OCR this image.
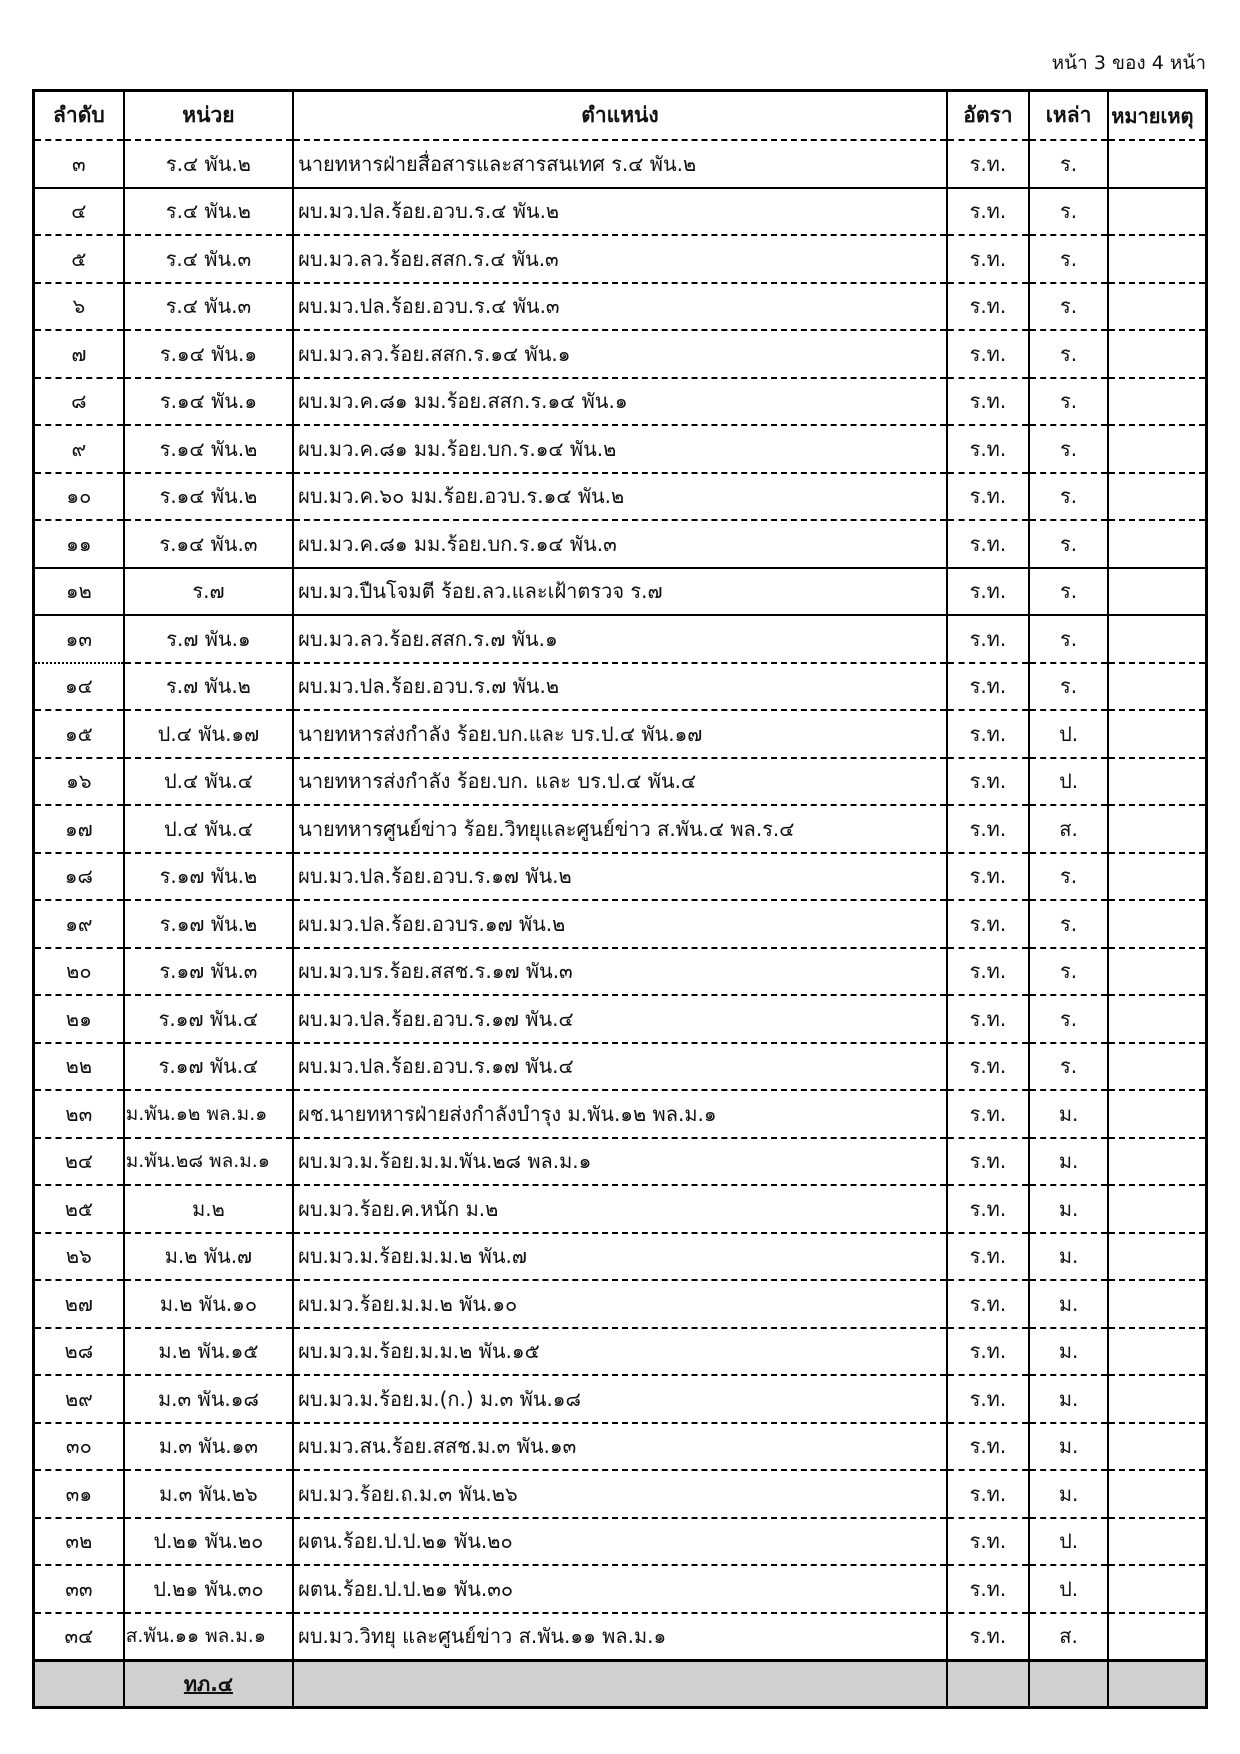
หน้า 3 ของ 4 หน้า
ลำดับ	หน่วย	ตำแหน่ง	อัตรา	เหล่า	หมายเหตุ
๓	ร.๔ พัน.๒	นายทหารฝ่ายสื่อสารและสารสนเทศ ร.๔ พัน.๒	ร.ท.	ร.	
๔	ร.๔ พัน.๒	ผบ.มว.ปล.ร้อย.อวบ.ร.๔ พัน.๒	ร.ท.	ร.	
๕	ร.๔ พัน.๓	ผบ.มว.ลว.ร้อย.สสก.ร.๔ พัน.๓	ร.ท.	ร.	
๖	ร.๔ พัน.๓	ผบ.มว.ปล.ร้อย.อวบ.ร.๔ พัน.๓	ร.ท.	ร.	
๗	ร.๑๔ พัน.๑	ผบ.มว.ลว.ร้อย.สสก.ร.๑๔ พัน.๑	ร.ท.	ร.	
๘	ร.๑๔ พัน.๑	ผบ.มว.ค.๘๑ มม.ร้อย.สสก.ร.๑๔ พัน.๑	ร.ท.	ร.	
๙	ร.๑๔ พัน.๒	ผบ.มว.ค.๘๑ มม.ร้อย.บก.ร.๑๔ พัน.๒	ร.ท.	ร.	
๑๐	ร.๑๔ พัน.๒	ผบ.มว.ค.๖๐ มม.ร้อย.อวบ.ร.๑๔ พัน.๒	ร.ท.	ร.	
๑๑	ร.๑๔ พัน.๓	ผบ.มว.ค.๘๑ มม.ร้อย.บก.ร.๑๔ พัน.๓	ร.ท.	ร.	
๑๒	ร.๗	ผบ.มว.ปืนโจมตี ร้อย.ลว.และเฝ้าตรวจ ร.๗	ร.ท.	ร.	
๑๓	ร.๗ พัน.๑	ผบ.มว.ลว.ร้อย.สสก.ร.๗ พัน.๑	ร.ท.	ร.	
๑๔	ร.๗ พัน.๒	ผบ.มว.ปล.ร้อย.อวบ.ร.๗ พัน.๒	ร.ท.	ร.	
๑๕	ป.๔ พัน.๑๗	นายทหารส่งกำลัง ร้อย.บก.และ บร.ป.๔ พัน.๑๗	ร.ท.	ป.	
๑๖	ป.๔ พัน.๔	นายทหารส่งกำลัง ร้อย.บก. และ บร.ป.๔ พัน.๔	ร.ท.	ป.	
๑๗	ป.๔ พัน.๔	นายทหารศูนย์ข่าว ร้อย.วิทยุและศูนย์ข่าว ส.พัน.๔ พล.ร.๔	ร.ท.	ส.	
๑๘	ร.๑๗ พัน.๒	ผบ.มว.ปล.ร้อย.อวบ.ร.๑๗ พัน.๒	ร.ท.	ร.	
๑๙	ร.๑๗ พัน.๒	ผบ.มว.ปล.ร้อย.อวบร.๑๗ พัน.๒	ร.ท.	ร.	
๒๐	ร.๑๗ พัน.๓	ผบ.มว.บร.ร้อย.สสช.ร.๑๗ พัน.๓	ร.ท.	ร.	
๒๑	ร.๑๗ พัน.๔	ผบ.มว.ปล.ร้อย.อวบ.ร.๑๗ พัน.๔	ร.ท.	ร.	
๒๒	ร.๑๗ พัน.๔	ผบ.มว.ปล.ร้อย.อวบ.ร.๑๗ พัน.๔	ร.ท.	ร.	
๒๓	ม.พัน.๑๒ พล.ม.๑	ผช.นายทหารฝ่ายส่งกำลังบำรุง ม.พัน.๑๒ พล.ม.๑	ร.ท.	ม.	
๒๔	ม.พัน.๒๘ พล.ม.๑	ผบ.มว.ม.ร้อย.ม.ม.พัน.๒๘ พล.ม.๑	ร.ท.	ม.	
๒๕	ม.๒	ผบ.มว.ร้อย.ค.หนัก ม.๒	ร.ท.	ม.	
๒๖	ม.๒ พัน.๗	ผบ.มว.ม.ร้อย.ม.ม.๒ พัน.๗	ร.ท.	ม.	
๒๗	ม.๒ พัน.๑๐	ผบ.มว.ร้อย.ม.ม.๒ พัน.๑๐	ร.ท.	ม.	
๒๘	ม.๒ พัน.๑๕	ผบ.มว.ม.ร้อย.ม.ม.๒ พัน.๑๕	ร.ท.	ม.	
๒๙	ม.๓ พัน.๑๘	ผบ.มว.ม.ร้อย.ม.(ก.) ม.๓ พัน.๑๘	ร.ท.	ม.	
๓๐	ม.๓ พัน.๑๓	ผบ.มว.สน.ร้อย.สสช.ม.๓ พัน.๑๓	ร.ท.	ม.	
๓๑	ม.๓ พัน.๒๖	ผบ.มว.ร้อย.ถ.ม.๓ พัน.๒๖	ร.ท.	ม.	
๓๒	ป.๒๑ พัน.๒๐	ผตน.ร้อย.ป.ป.๒๑ พัน.๒๐	ร.ท.	ป.	
๓๓	ป.๒๑ พัน.๓๐	ผตน.ร้อย.ป.ป.๒๑ พัน.๓๐	ร.ท.	ป.	
๓๔	ส.พัน.๑๑ พล.ม.๑	ผบ.มว.วิทยุ และศูนย์ข่าว ส.พัน.๑๑ พล.ม.๑	ร.ท.	ส.	
	ทภ.๔				
